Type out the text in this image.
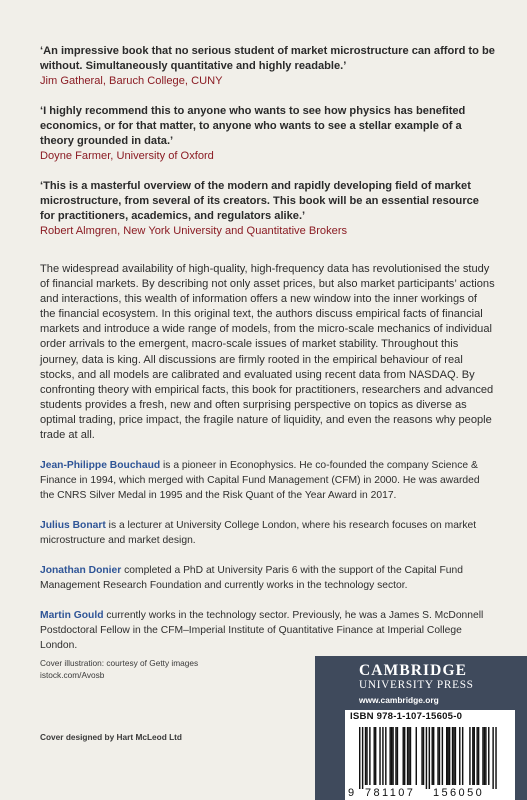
‘An impressive book that no serious student of market microstructure can afford to be without. Simultaneously quantitative and highly readable.’
Jim Gatheral, Baruch College, CUNY
‘I highly recommend this to anyone who wants to see how physics has benefited economics, or for that matter, to anyone who wants to see a stellar example of a theory grounded in data.’
Doyne Farmer, University of Oxford
‘This is a masterful overview of the modern and rapidly developing field of market microstructure, from several of its creators. This book will be an essential resource for practitioners, academics, and regulators alike.’
Robert Almgren, New York University and Quantitative Brokers
The widespread availability of high-quality, high-frequency data has revolutionised the study of financial markets. By describing not only asset prices, but also market participants’ actions and interactions, this wealth of information offers a new window into the inner workings of the financial ecosystem. In this original text, the authors discuss empirical facts of financial markets and introduce a wide range of models, from the micro-scale mechanics of individual order arrivals to the emergent, macro-scale issues of market stability. Throughout this journey, data is king. All discussions are firmly rooted in the empirical behaviour of real stocks, and all models are calibrated and evaluated using recent data from NASDAQ. By confronting theory with empirical facts, this book for practitioners, researchers and advanced students provides a fresh, new and often surprising perspective on topics as diverse as optimal trading, price impact, the fragile nature of liquidity, and even the reasons why people trade at all.
Jean-Philippe Bouchaud is a pioneer in Econophysics. He co-founded the company Science & Finance in 1994, which merged with Capital Fund Management (CFM) in 2000. He was awarded the CNRS Silver Medal in 1995 and the Risk Quant of the Year Award in 2017.
Julius Bonart is a lecturer at University College London, where his research focuses on market microstructure and market design.
Jonathan Donier completed a PhD at University Paris 6 with the support of the Capital Fund Management Research Foundation and currently works in the technology sector.
Martin Gould currently works in the technology sector. Previously, he was a James S. McDonnell Postdoctoral Fellow in the CFM–Imperial Institute of Quantitative Finance at Imperial College London.
Cover illustration: courtesy of Getty images istock.com/Avosb
Cover designed by Hart McLeod Ltd
CAMBRIDGE
UNIVERSITY PRESS
www.cambridge.org
ISBN 978-1-107-15605-0
9 781107 156050
